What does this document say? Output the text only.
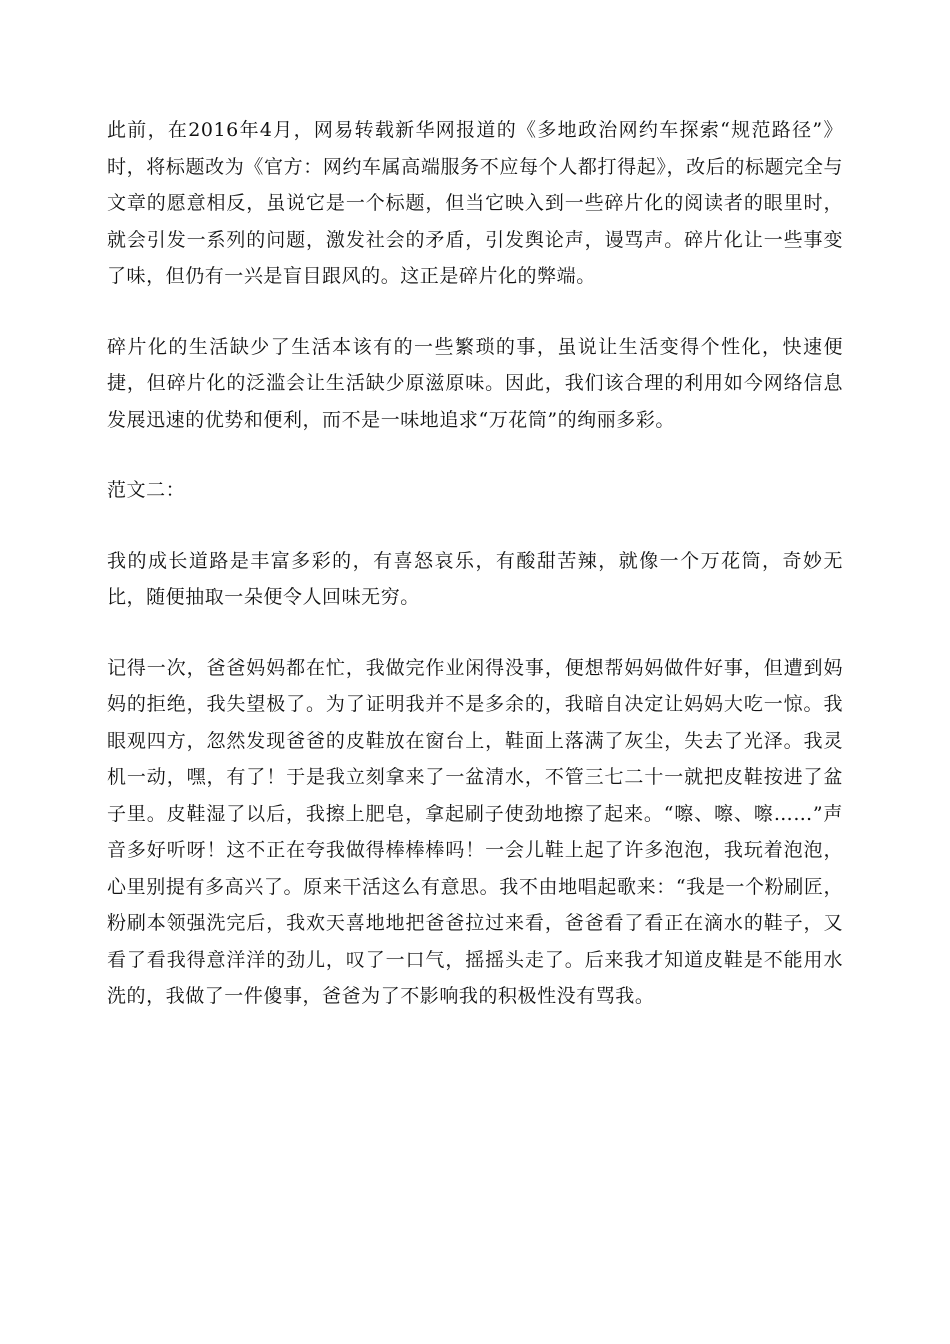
此前，在2016年4月，网易转载新华网报道的《多地政治网约车探索“规范路径”》时，将标题改为《官方：网约车属高端服务不应每个人都打得起》，改后的标题完全与文章的愿意相反，虽说它是一个标题，但当它映入到一些碎片化的阅读者的眼里时，就会引发一系列的问题，激发社会的矛盾，引发舆论声，谩骂声。碎片化让一些事变了味，但仍有一兴是盲目跟风的。这正是碎片化的弊端。

碎片化的生活缺少了生活本该有的一些繁琐的事，虽说让生活变得个性化，快速便捷，但碎片化的泛滥会让生活缺少原滋原味。因此，我们该合理的利用如今网络信息发展迅速的优势和便利，而不是一味地追求“万花筒”的绚丽多彩。

范文二：

我的成长道路是丰富多彩的，有喜怒哀乐，有酸甜苦辣，就像一个万花筒，奇妙无比，随便抽取一朵便令人回味无穷。

记得一次，爸爸妈妈都在忙，我做完作业闲得没事，便想帮妈妈做件好事，但遭到妈妈的拒绝，我失望极了。为了证明我并不是多余的，我暗自决定让妈妈大吃一惊。我眼观四方，忽然发现爸爸的皮鞋放在窗台上，鞋面上落满了灰尘，失去了光泽。我灵机一动，嘿，有了！于是我立刻拿来了一盆清水，不管三七二十一就把皮鞋按进了盆子里。皮鞋湿了以后，我擦上肥皂，拿起刷子使劲地擦了起来。“嚓、嚓、嚓……”声音多好听呀！这不正在夸我做得棒棒棒吗！一会儿鞋上起了许多泡泡，我玩着泡泡，心里别提有多高兴了。原来干活这么有意思。我不由地唱起歌来：“我是一个粉刷匠，粉刷本领强洗完后，我欢天喜地地把爸爸拉过来看，爸爸看了看正在滴水的鞋子，又看了看我得意洋洋的劲儿，叹了一口气，摇摇头走了。后来我才知道皮鞋是不能用水洗的，我做了一件傻事，爸爸为了不影响我的积极性没有骂我。
